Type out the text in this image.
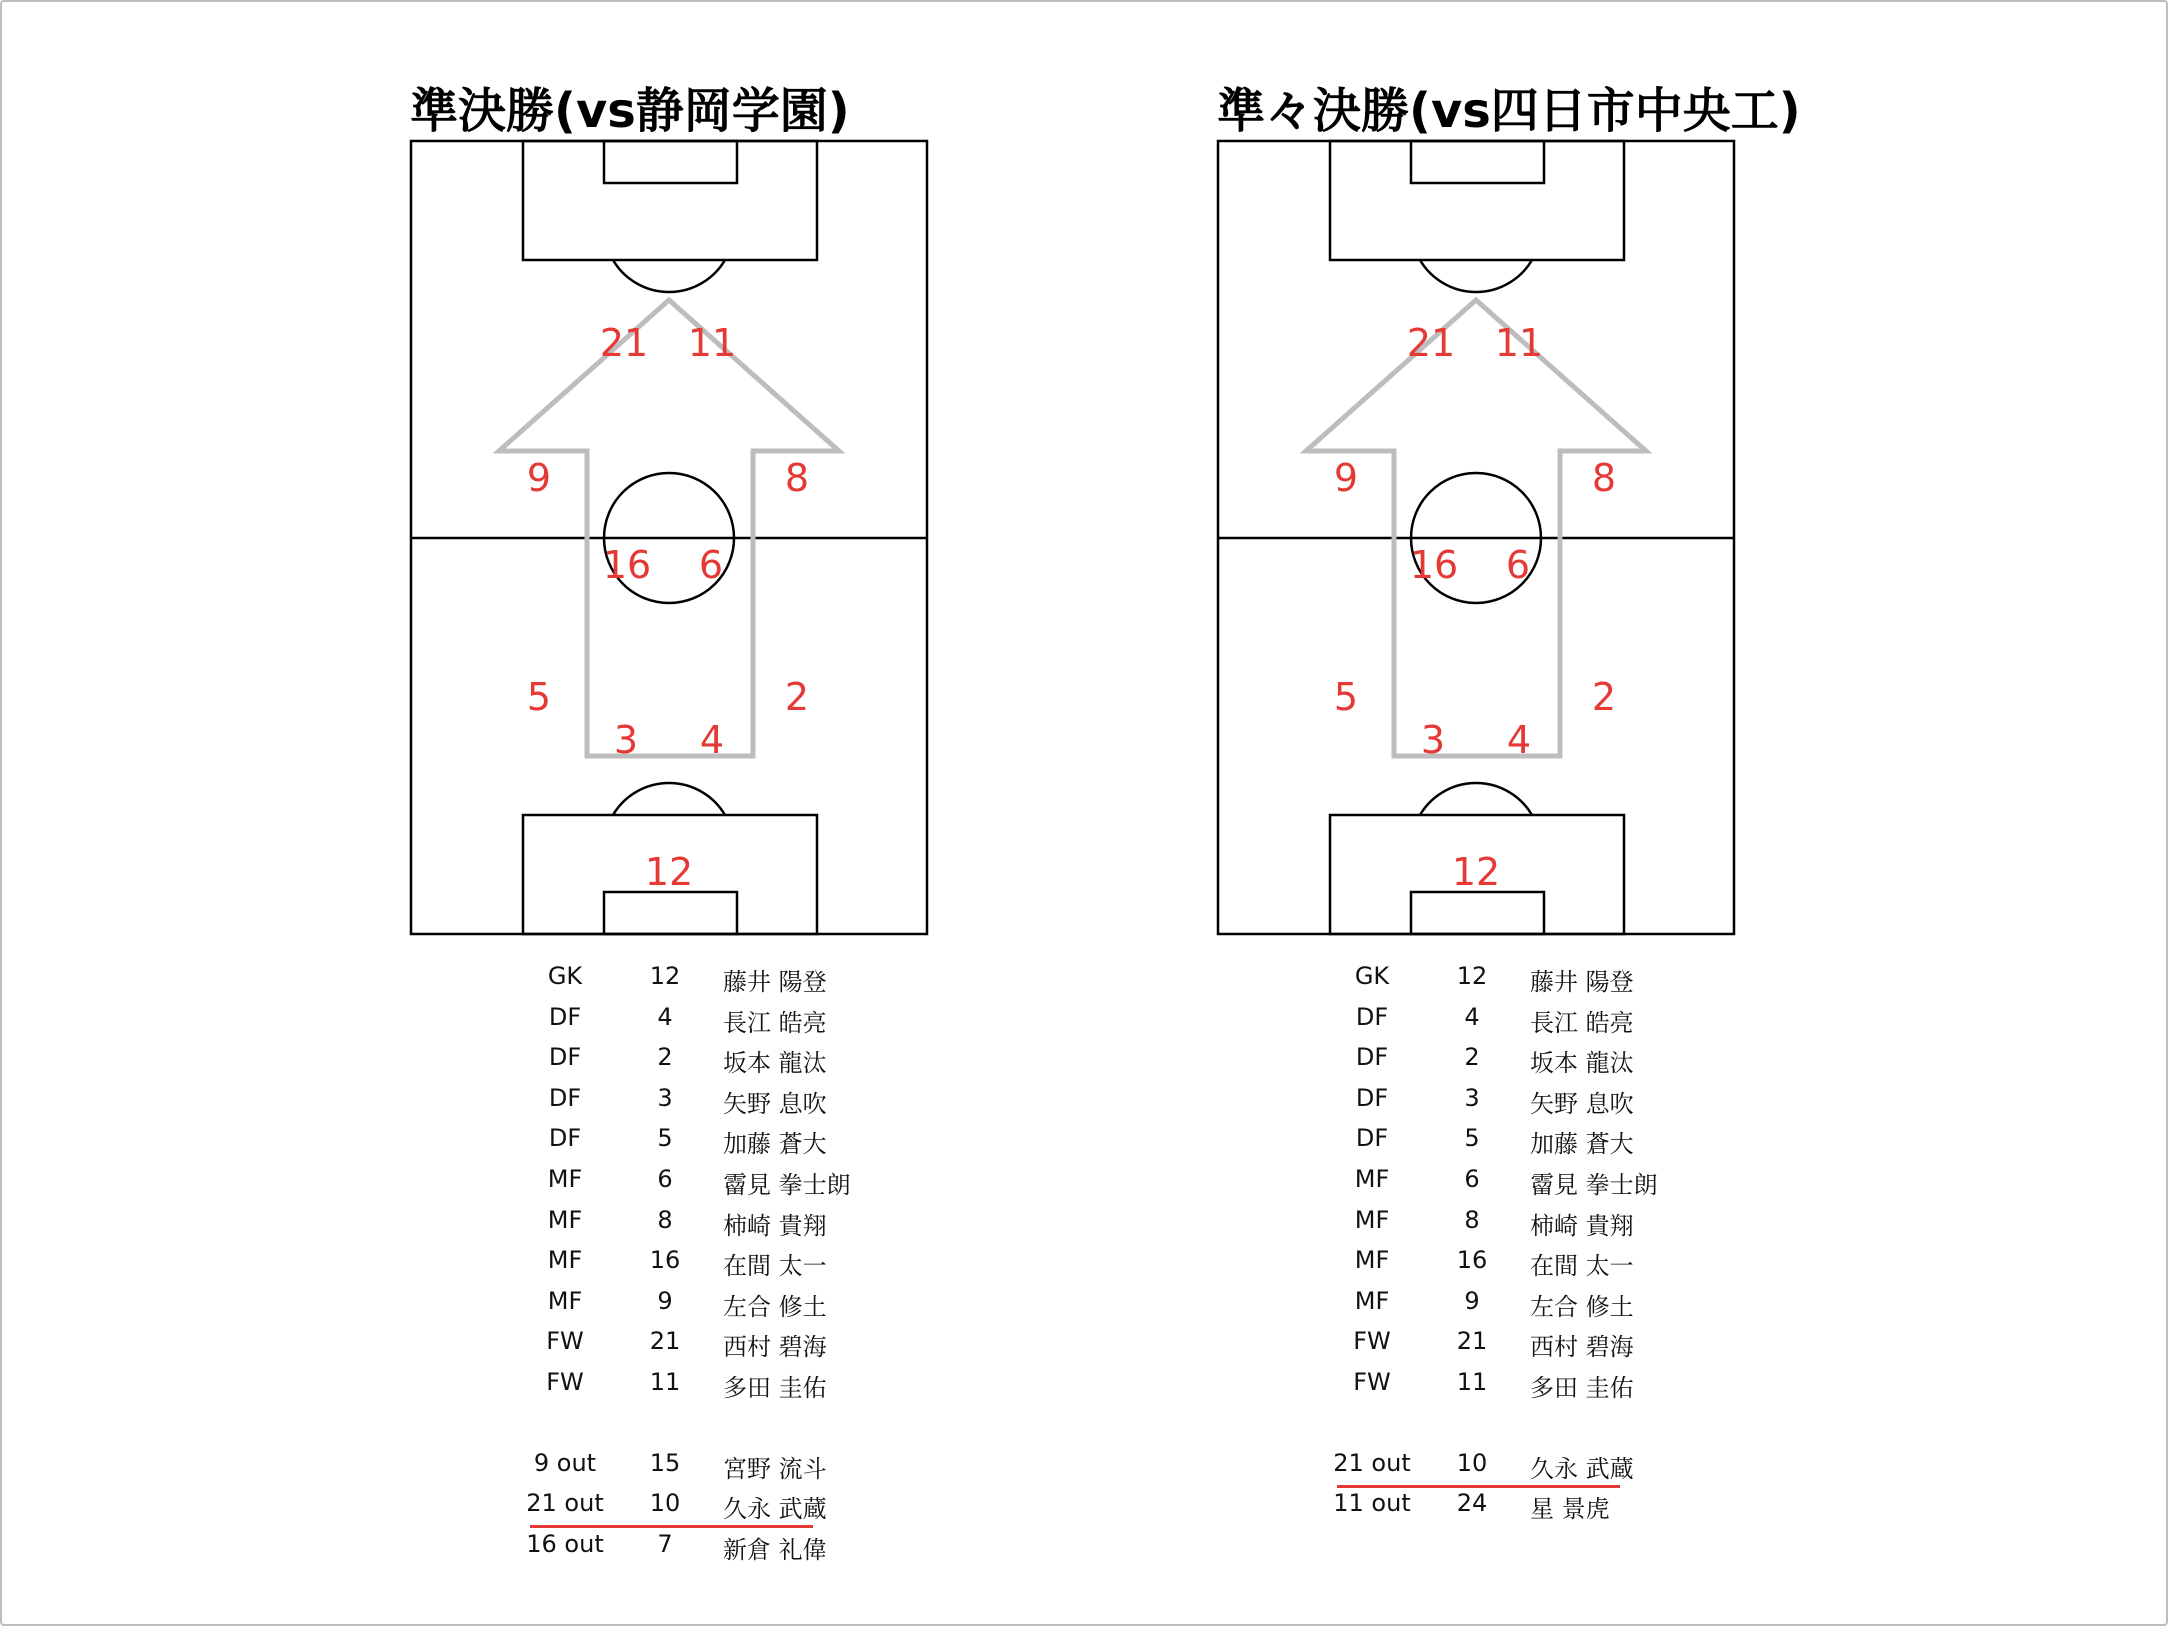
準決勝(vs静岡学園)
21 11
9	8
16 6
5	2
3 4
12
GK	12	藤井 陽登
DF	4	長江 皓亮
DF	2	坂本 龍汰
DF	3	矢野 息吹
DF	5	加藤 蒼大
MF	6	霤見 拳士朗
MF	8	柿崎 貴翔
MF	16	在間 太一
MF	9	左合 修土
FW	21	西村 碧海
FW	11	多田 圭佑
9 out	15	宮野 流斗
21 out	10	久永 武蔵
16 out	7	新倉 礼偉
準々決勝(vs四日市中央工)
21 11
9	8
16 6
5	2
3 4
12
GK	12	藤井 陽登
DF	4	長江 皓亮
DF	2	坂本 龍汰
DF	3	矢野 息吹
DF	5	加藤 蒼大
MF	6	霤見 拳士朗
MF	8	柿崎 貴翔
MF	16	在間 太一
MF	9	左合 修土
FW	21	西村 碧海
FW	11	多田 圭佑
21 out	10	久永 武蔵
11 out	24	星 景虎
